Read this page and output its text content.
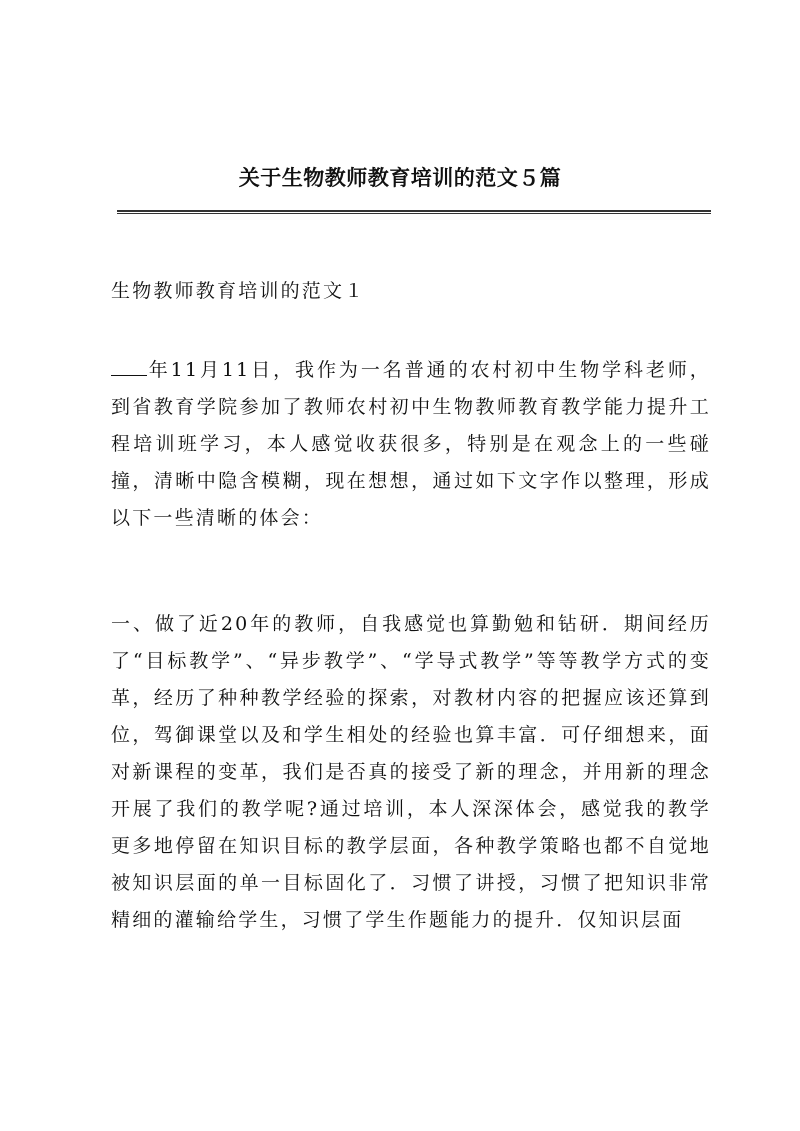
关于生物教师教育培训的范文５篇

生物教师教育培训的范文１

年11月11日，我作为一名普通的农村初中生物学科老师，到省教育学院参加了教师农村初中生物教师教育教学能力提升工程培训班学习，本人感觉收获很多，特别是在观念上的一些碰撞，清晰中隐含模糊，现在想想，通过如下文字作以整理，形成以下一些清晰的体会：

一、做了近20年的教师，自我感觉也算勤勉和钻研．期间经历了“目标教学”、“异步教学”、“学导式教学”等等教学方式的变革，经历了种种教学经验的探索，对教材内容的把握应该还算到位，驾御课堂以及和学生相处的经验也算丰富．可仔细想来，面对新课程的变革，我们是否真的接受了新的理念，并用新的理念开展了我们的教学呢?通过培训，本人深深体会，感觉我的教学更多地停留在知识目标的教学层面，各种教学策略也都不自觉地被知识层面的单一目标固化了．习惯了讲授，习惯了把知识非常精细的灌输给学生，习惯了学生作题能力的提升．仅知识层面
